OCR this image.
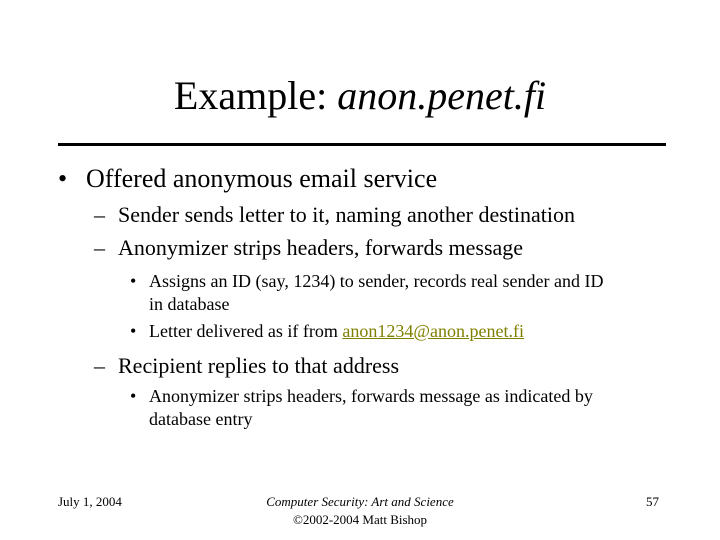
Example: anon.penet.fi
• Offered anonymous email service
– Sender sends letter to it, naming another destination
– Anonymizer strips headers, forwards message
• Assigns an ID (say, 1234) to sender, records real sender and ID
in database
• Letter delivered as if from anon1234@anon.penet.fi
– Recipient replies to that address
• Anonymizer strips headers, forwards message as indicated by
database entry
July 1, 2004	Computer Security: Art and Science
©2002-2004 Matt Bishop
57
